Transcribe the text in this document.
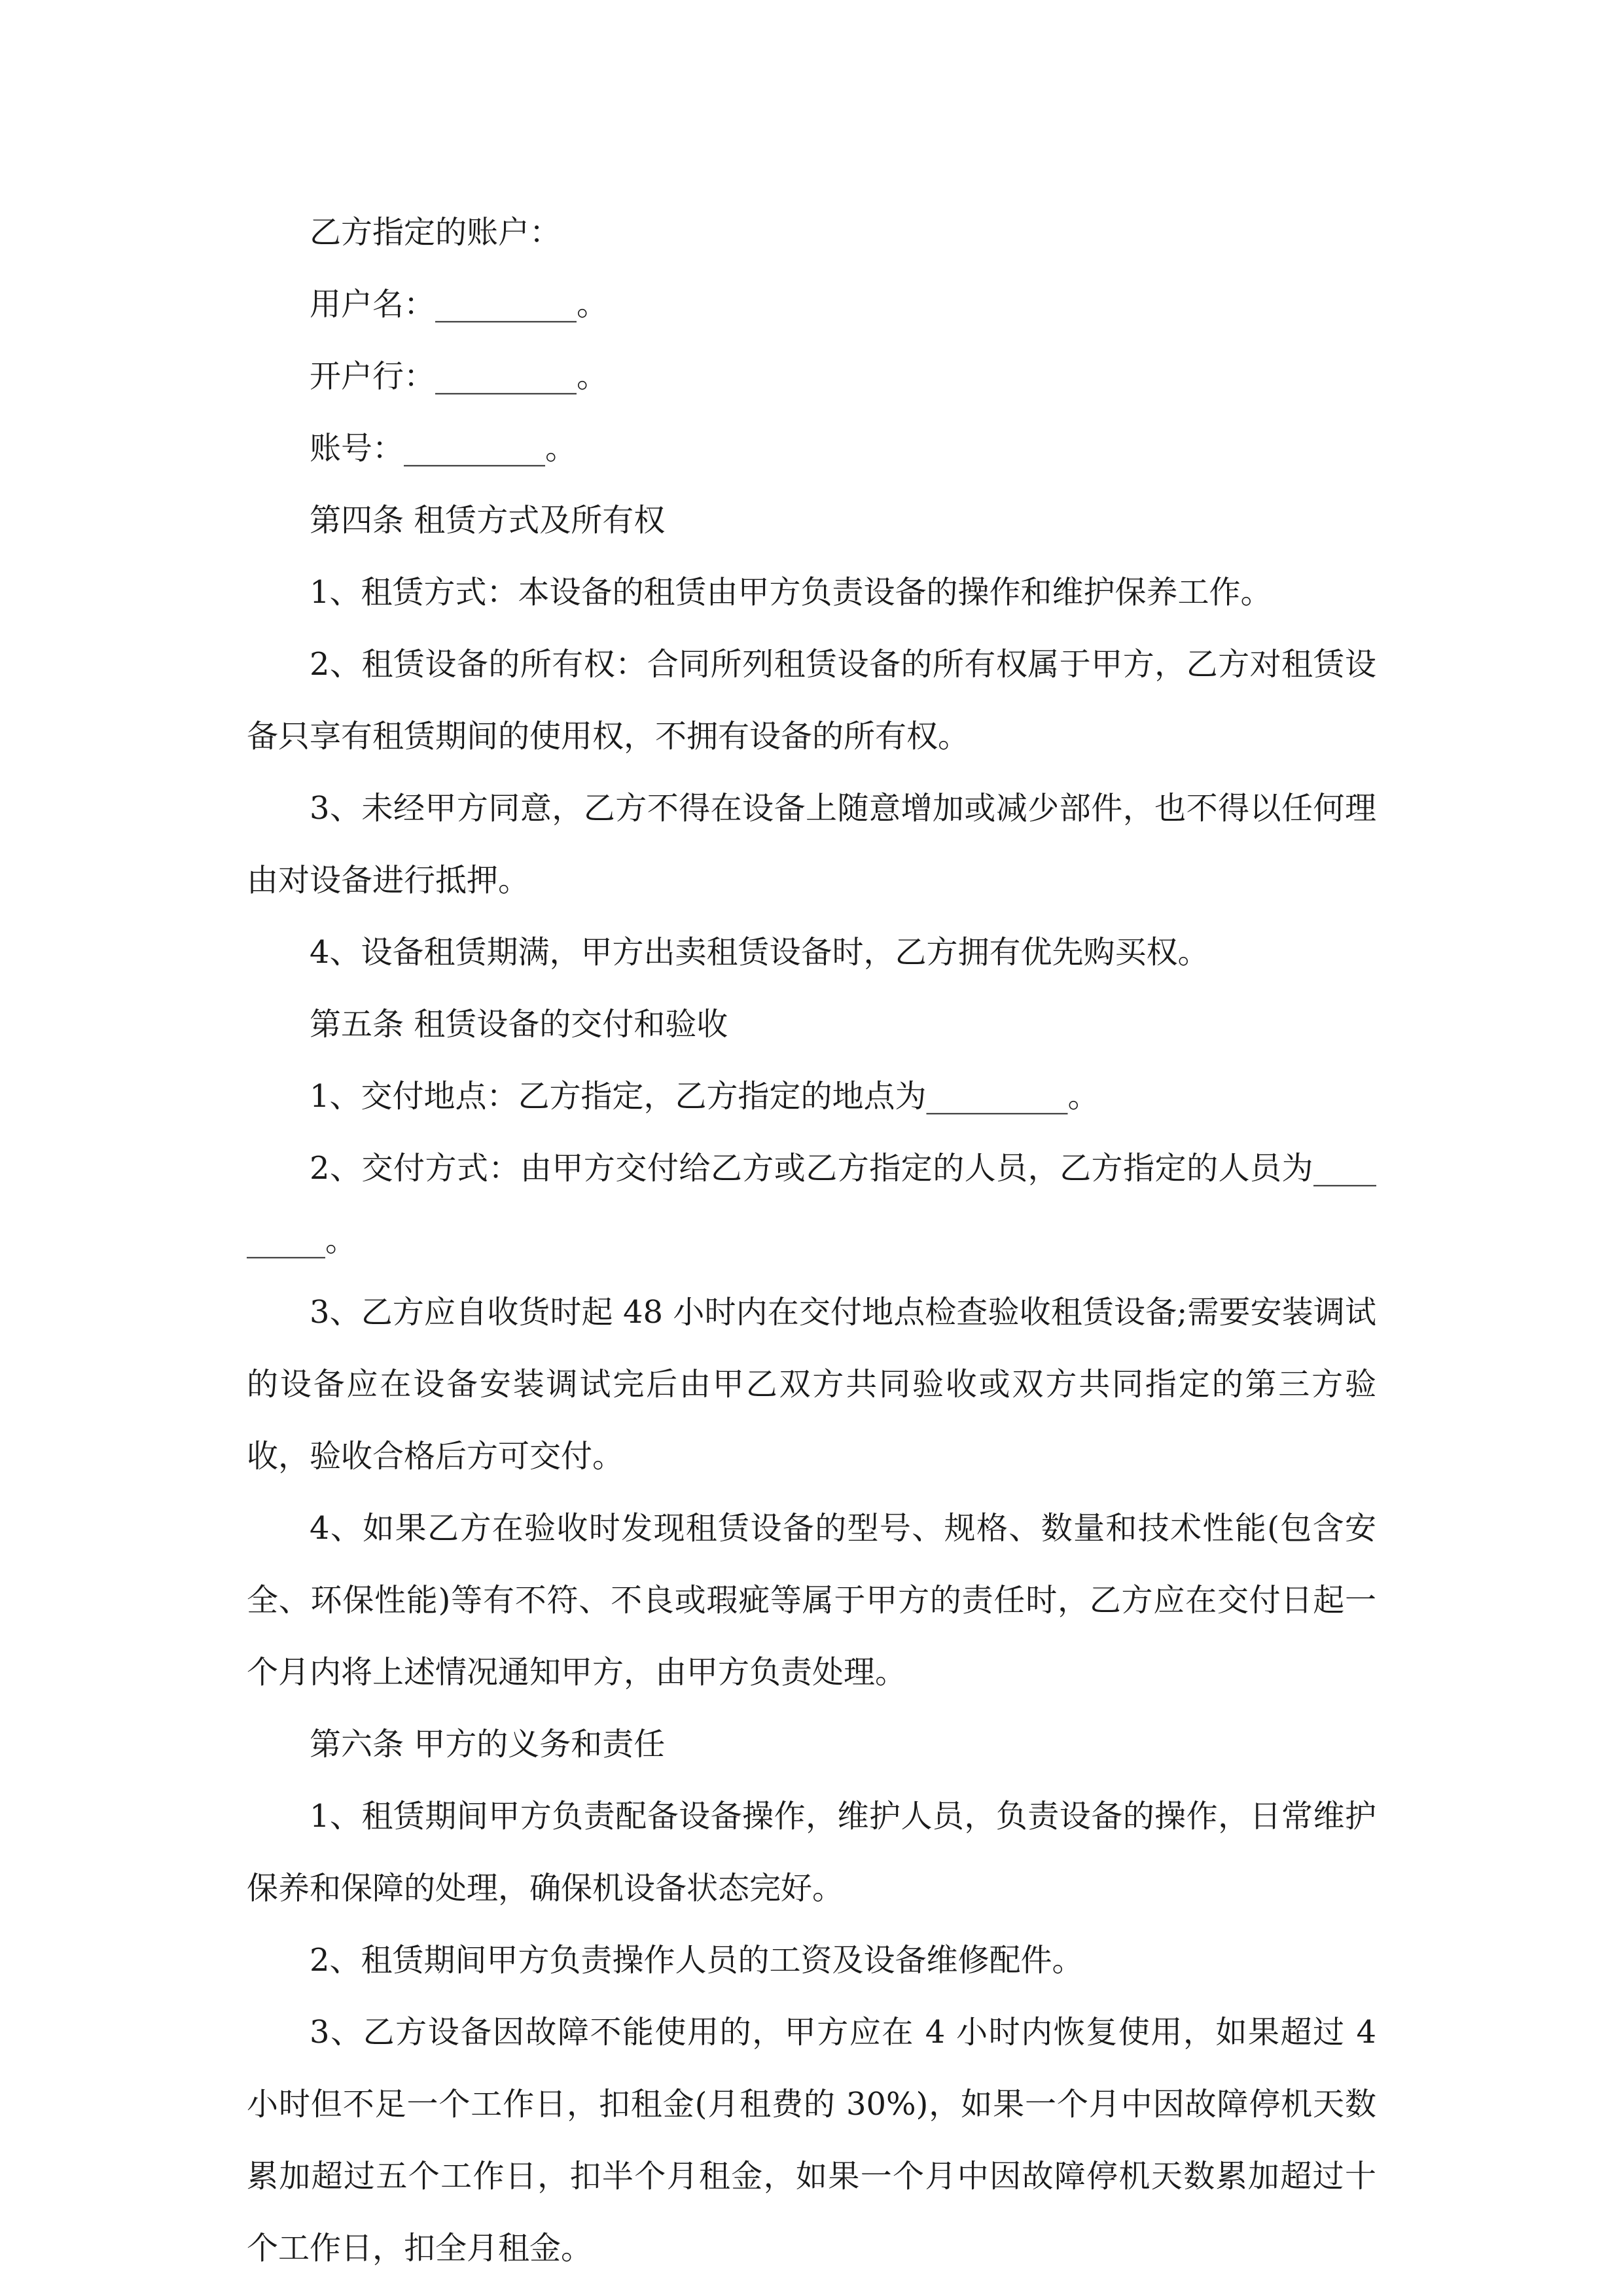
乙方指定的账户：

用户名：_________。

开户行：_________。

账号：_________。

第四条 租赁方式及所有权

1、租赁方式：本设备的租赁由甲方负责设备的操作和维护保养工作。

2、租赁设备的所有权：合同所列租赁设备的所有权属于甲方，乙方对租赁设备只享有租赁期间的使用权，不拥有设备的所有权。

3、未经甲方同意，乙方不得在设备上随意增加或减少部件，也不得以任何理由对设备进行抵押。

4、设备租赁期满，甲方出卖租赁设备时，乙方拥有优先购买权。

第五条 租赁设备的交付和验收

1、交付地点：乙方指定，乙方指定的地点为_________。

2、交付方式：由甲方交付给乙方或乙方指定的人员，乙方指定的人员为_________。

3、乙方应自收货时起 48 小时内在交付地点检查验收租赁设备;需要安装调试的设备应在设备安装调试完后由甲乙双方共同验收或双方共同指定的第三方验收，验收合格后方可交付。

4、如果乙方在验收时发现租赁设备的型号、规格、数量和技术性能(包含安全、环保性能)等有不符、不良或瑕疵等属于甲方的责任时，乙方应在交付日起一个月内将上述情况通知甲方，由甲方负责处理。

第六条 甲方的义务和责任

1、租赁期间甲方负责配备设备操作，维护人员，负责设备的操作，日常维护保养和保障的处理，确保机设备状态完好。

2、租赁期间甲方负责操作人员的工资及设备维修配件。

3、乙方设备因故障不能使用的，甲方应在 4 小时内恢复使用，如果超过 4 小时但不足一个工作日，扣租金(月租费的 30%)，如果一个月中因故障停机天数累加超过五个工作日，扣半个月租金，如果一个月中因故障停机天数累加超过十个工作日，扣全月租金。
